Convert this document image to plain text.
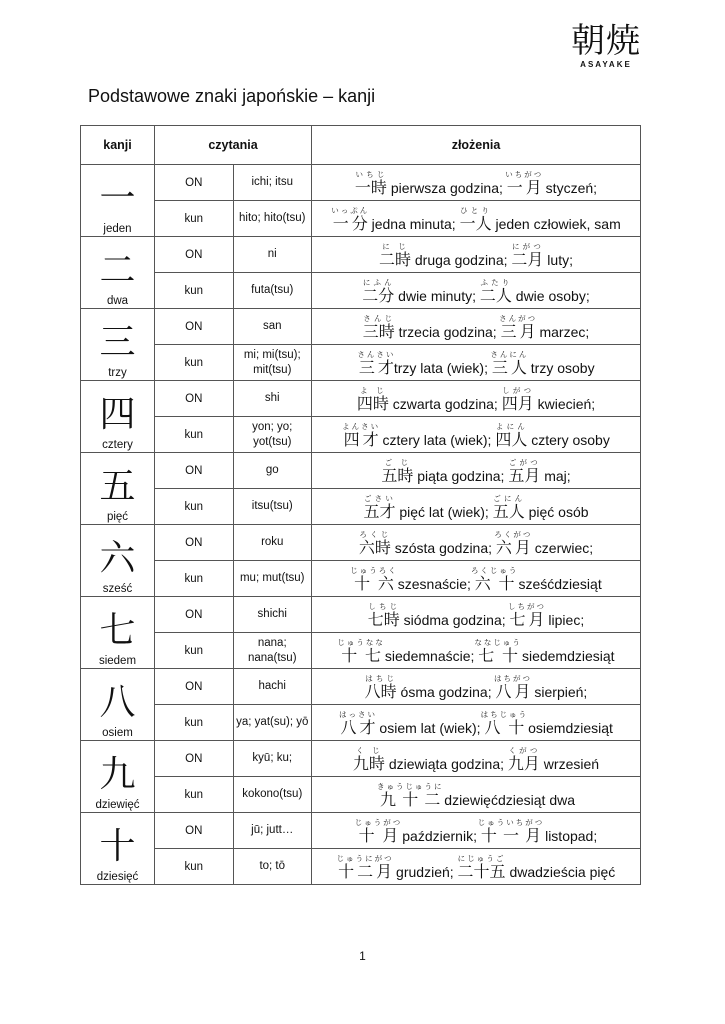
朝焼
ASAYAKE
Podstawowe znaki japońskie – kanji
kanji	czytania		złożenia

一
jeden	ON	ichi; itsu	一時いちじ pierwsza godzina; 一月いちがつ styczeń;
	kun	hito; hito(tsu)	一分いっぷん jedna minuta; 一人ひとり jeden człowiek, sam

二
dwa	ON	ni	二時にじ druga godzina; 二月にがつ luty;
	kun	futa(tsu)	二分にふん dwie minuty; 二人ふたり dwie osoby;

三
trzy	ON	san	三時さんじ trzecia godzina; 三月さんがつ marzec;
	kun	mi; mi(tsu); mit(tsu)	三才さんさいtrzy lata (wiek); 三人さんにん trzy osoby

四
cztery	ON	shi	四時よじ czwarta godzina; 四月しがつ kwiecień;
	kun	yon; yo; yot(tsu)	四才よんさい cztery lata (wiek); 四人よにん cztery osoby

五
pięć	ON	go	五時ごじ piąta godzina; 五月ごがつ maj;
	kun	itsu(tsu)	五才ごさい pięć lat (wiek); 五人ごにん pięć osób

六
sześć	ON	roku	六時ろくじ szósta godzina; 六月ろくがつ czerwiec;
	kun	mu; mut(tsu)	十六じゅうろく szesnaście; 六十ろくじゅう sześćdziesiąt

七
siedem	ON	shichi	七時しちじ siódma godzina; 七月しちがつ lipiec;
	kun	nana; nana(tsu)	十七じゅうなな siedemnaście; 七十ななじゅう siedemdziesiąt

八
osiem	ON	hachi	八時はちじ ósma godzina; 八月はちがつ sierpień;
	kun	ya; yat(su); yō	八才はっさい osiem lat (wiek); 八十はちじゅう osiemdziesiąt

九
dziewięć	ON	kyū; ku;	九時くじ dziewiąta godzina; 九月くがつ wrzesień
	kun	kokono(tsu)	九十二きゅうじゅうに dziewięćdziesiąt dwa

十
dziesięć	ON	jū; jutt…	十月じゅうがつ październik; 十一月じゅういちがつ listopad;
	kun	to; tō	十二月じゅうにがつ grudzień; 二十五にじゅうご dwadzieścia pięć
1
